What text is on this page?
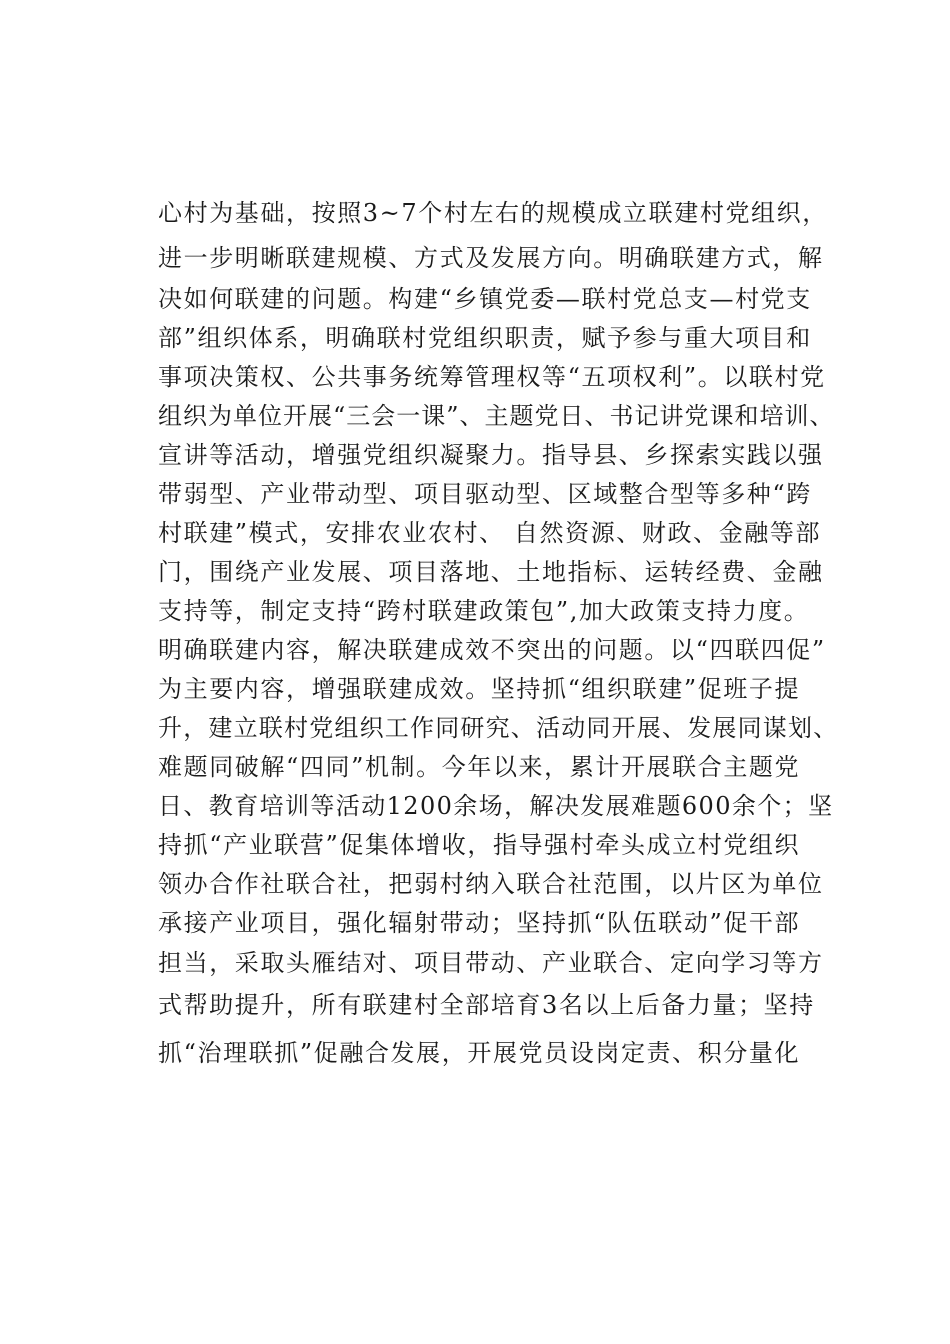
心村为基础，按照3~7个村左右的规模成立联建村党组织，
进一步明晰联建规模、方式及发展方向。明确联建方式，解
决如何联建的问题。构建“乡镇党委—联村党总支—村党支
部”组织体系，明确联村党组织职责，赋予参与重大项目和
事项决策权、公共事务统筹管理权等“五项权利”。以联村党
组织为单位开展“三会一课”、主题党日、书记讲党课和培训、
宣讲等活动，增强党组织凝聚力。指导县、乡探索实践以强
带弱型、产业带动型、项目驱动型、区域整合型等多种“跨
村联建”模式，安排农业农村、 自然资源、财政、金融等部
门，围绕产业发展、项目落地、土地指标、运转经费、金融
支持等，制定支持“跨村联建政策包”,加大政策支持力度。
明确联建内容，解决联建成效不突出的问题。以“四联四促”
为主要内容，增强联建成效。坚持抓“组织联建”促班子提
升，建立联村党组织工作同研究、活动同开展、发展同谋划、
难题同破解“四同”机制。今年以来，累计开展联合主题党
日、教育培训等活动1200余场，解决发展难题600余个；坚
持抓“产业联营”促集体增收，指导强村牵头成立村党组织
领办合作社联合社，把弱村纳入联合社范围，以片区为单位
承接产业项目，强化辐射带动；坚持抓“队伍联动”促干部
担当，采取头雁结对、项目带动、产业联合、定向学习等方
式帮助提升，所有联建村全部培育3名以上后备力量；坚持
抓“治理联抓”促融合发展，开展党员设岗定责、积分量化
